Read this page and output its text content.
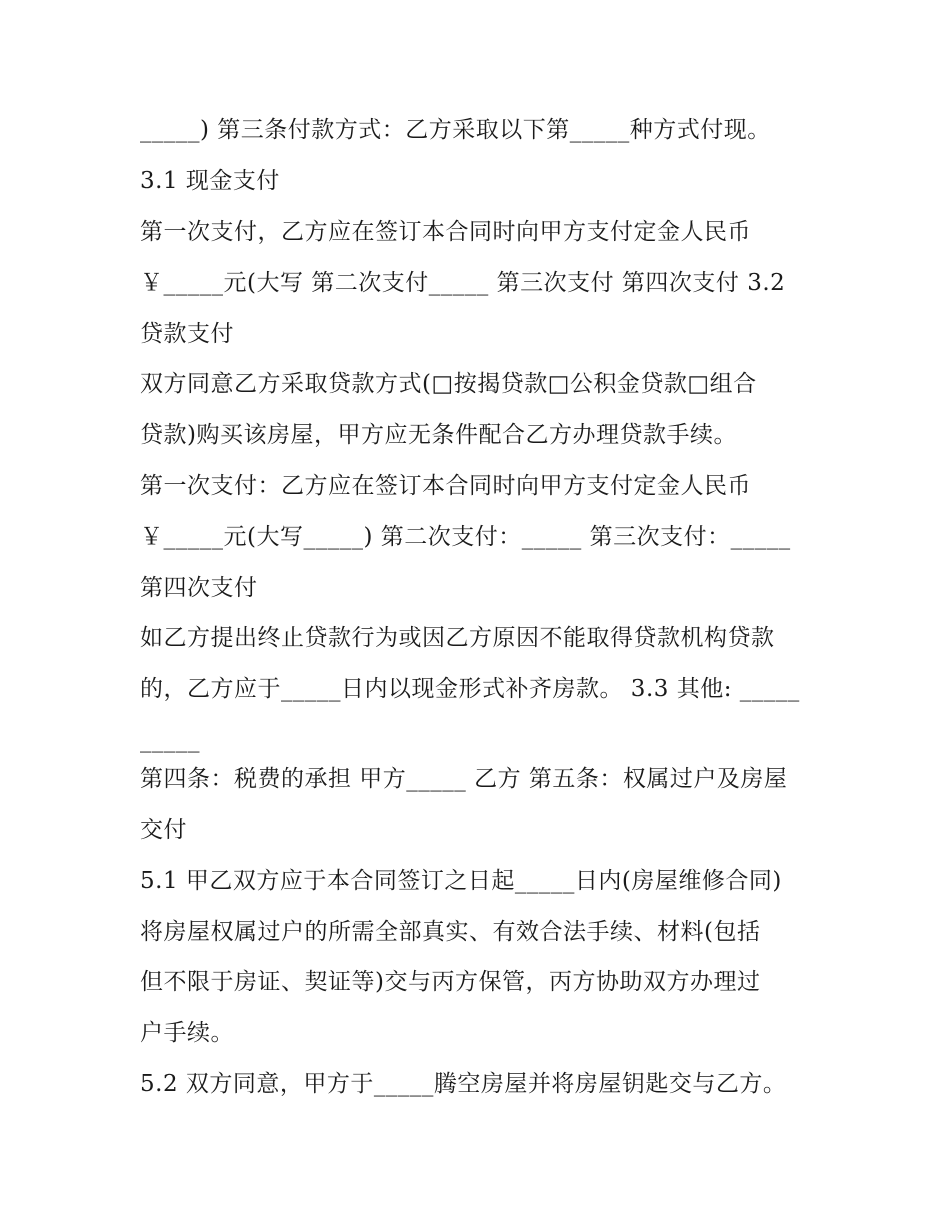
_____) 第三条付款方式：乙方采取以下第_____种方式付现。
3.1 现金支付
第一次支付，乙方应在签订本合同时向甲方支付定金人民币
￥_____元(大写 第二次支付_____ 第三次支付 第四次支付 3.2
贷款支付
双方同意乙方采取贷款方式(□按揭贷款□公积金贷款□组合
贷款)购买该房屋，甲方应无条件配合乙方办理贷款手续。
第一次支付：乙方应在签订本合同时向甲方支付定金人民币
￥_____元(大写_____) 第二次支付：_____ 第三次支付：_____
第四次支付
如乙方提出终止贷款行为或因乙方原因不能取得贷款机构贷款
的，乙方应于_____日内以现金形式补齐房款。 3.3 其他: _____
_____
第四条：税费的承担 甲方_____ 乙方 第五条：权属过户及房屋
交付
5.1 甲乙双方应于本合同签订之日起_____日内(房屋维修合同)
将房屋权属过户的所需全部真实、有效合法手续、材料(包括
但不限于房证、契证等)交与丙方保管，丙方协助双方办理过
户手续。
5.2 双方同意，甲方于_____腾空房屋并将房屋钥匙交与乙方。
